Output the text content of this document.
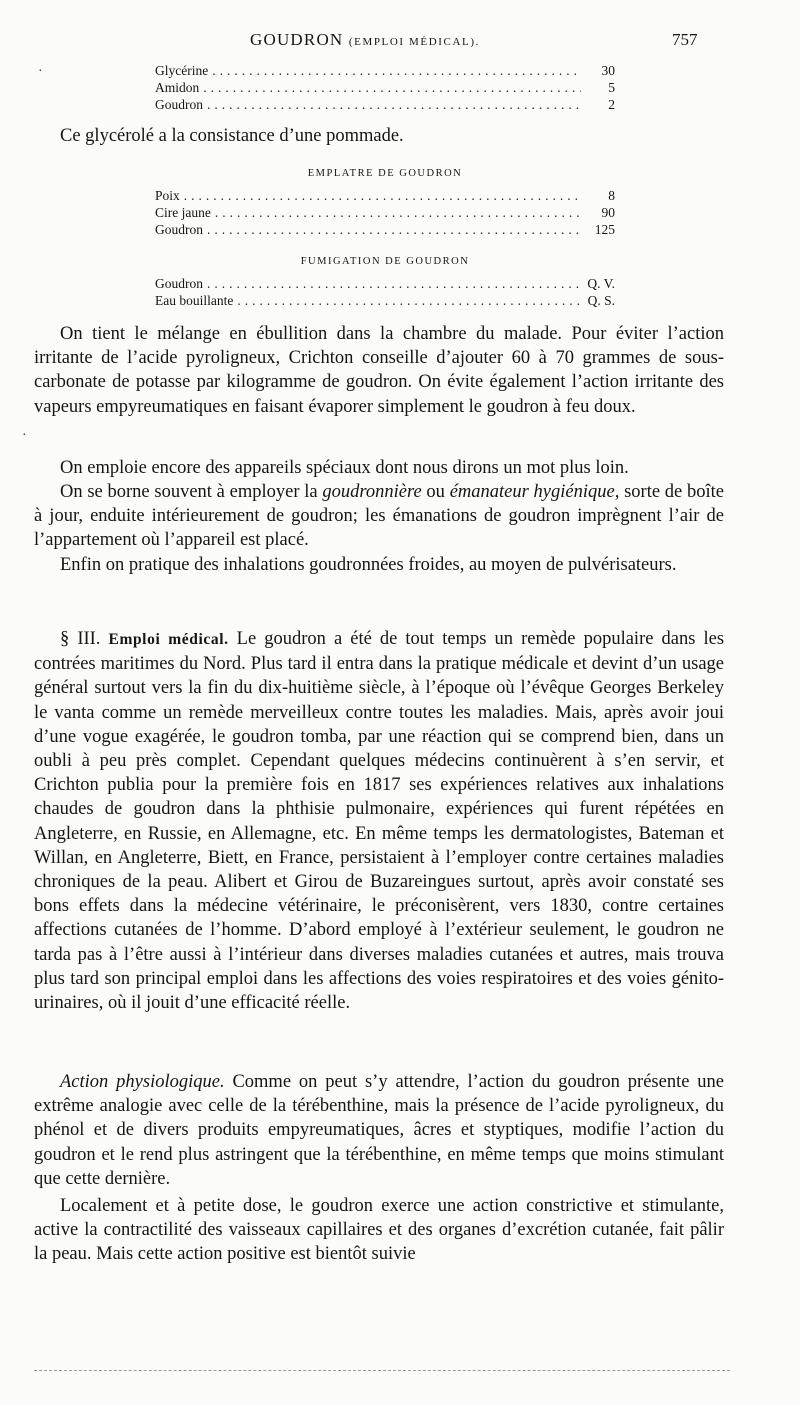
GOUDRON (EMPLOI MÉDICAL).	757
Glycérine .....	30
Amidon .....	5
Goudron .....	2

Ce glycérolé a la consistance d’une pommade.

EMPLATRE DE GOUDRON
Poix .....	8
Cire jaune .....	90
Goudron .....	125
FUMIGATION DE GOUDRON
Goudron .....	Q. V.
Eau bouillante .....	Q. S.

On tient le mélange en ébullition dans la chambre du malade. Pour éviter l’action irritante de l’acide pyroligneux, Crichton conseille d’ajouter 60 à 70 grammes de sous-carbonate de potasse par kilogramme de goudron. On évite également l’action irritante des vapeurs empyreumatiques en faisant évaporer simplement le goudron à feu doux.

On emploie encore des appareils spéciaux dont nous dirons un mot plus loin.

On se borne souvent à employer la goudronnière ou émanateur hygiénique, sorte de boîte à jour, enduite intérieurement de goudron; les émanations de goudron imprègnent l’air de l’appartement où l’appareil est placé.

Enfin on pratique des inhalations goudronnées froides, au moyen de pulvérisateurs.

§ III. Emploi médical. Le goudron a été de tout temps un remède populaire dans les contrées maritimes du Nord. Plus tard il entra dans la pratique médicale et devint d’un usage général surtout vers la fin du dix-huitième siècle, à l’époque où l’évêque Georges Berkeley le vanta comme un remède merveilleux contre toutes les maladies. Mais, après avoir joui d’une vogue exagérée, le goudron tomba, par une réaction qui se comprend bien, dans un oubli à peu près complet. Cependant quelques médecins continuèrent à s’en servir, et Crichton publia pour la première fois en 1817 ses expériences relatives aux inhalations chaudes de goudron dans la phthisie pulmonaire, expériences qui furent répétées en Angleterre, en Russie, en Allemagne, etc. En même temps les dermatologistes, Bateman et Willan, en Angleterre, Biett, en France, persistaient à l’employer contre certaines maladies chroniques de la peau. Alibert et Girou de Buzareingues surtout, après avoir constaté ses bons effets dans la médecine vétérinaire, le préconisèrent, vers 1830, contre certaines affections cutanées de l’homme. D’abord employé à l’extérieur seulement, le goudron ne tarda pas à l’être aussi à l’intérieur dans diverses maladies cutanées et autres, mais trouva plus tard son principal emploi dans les affections des voies respiratoires et des voies génito-urinaires, où il jouit d’une efficacité réelle.

Action physiologique. Comme on peut s’y attendre, l’action du goudron présente une extrême analogie avec celle de la térébenthine, mais la présence de l’acide pyroligneux, du phénol et de divers produits empyreumatiques, âcres et styptiques, modifie l’action du goudron et le rend plus astringent que la térébenthine, en même temps que moins stimulant que cette dernière.

Localement et à petite dose, le goudron exerce une action constrictive et stimulante, active la contractilité des vaisseaux capillaires et des organes d’excrétion cutanée, fait pâlir la peau. Mais cette action positive est bientôt suivie

·
·
